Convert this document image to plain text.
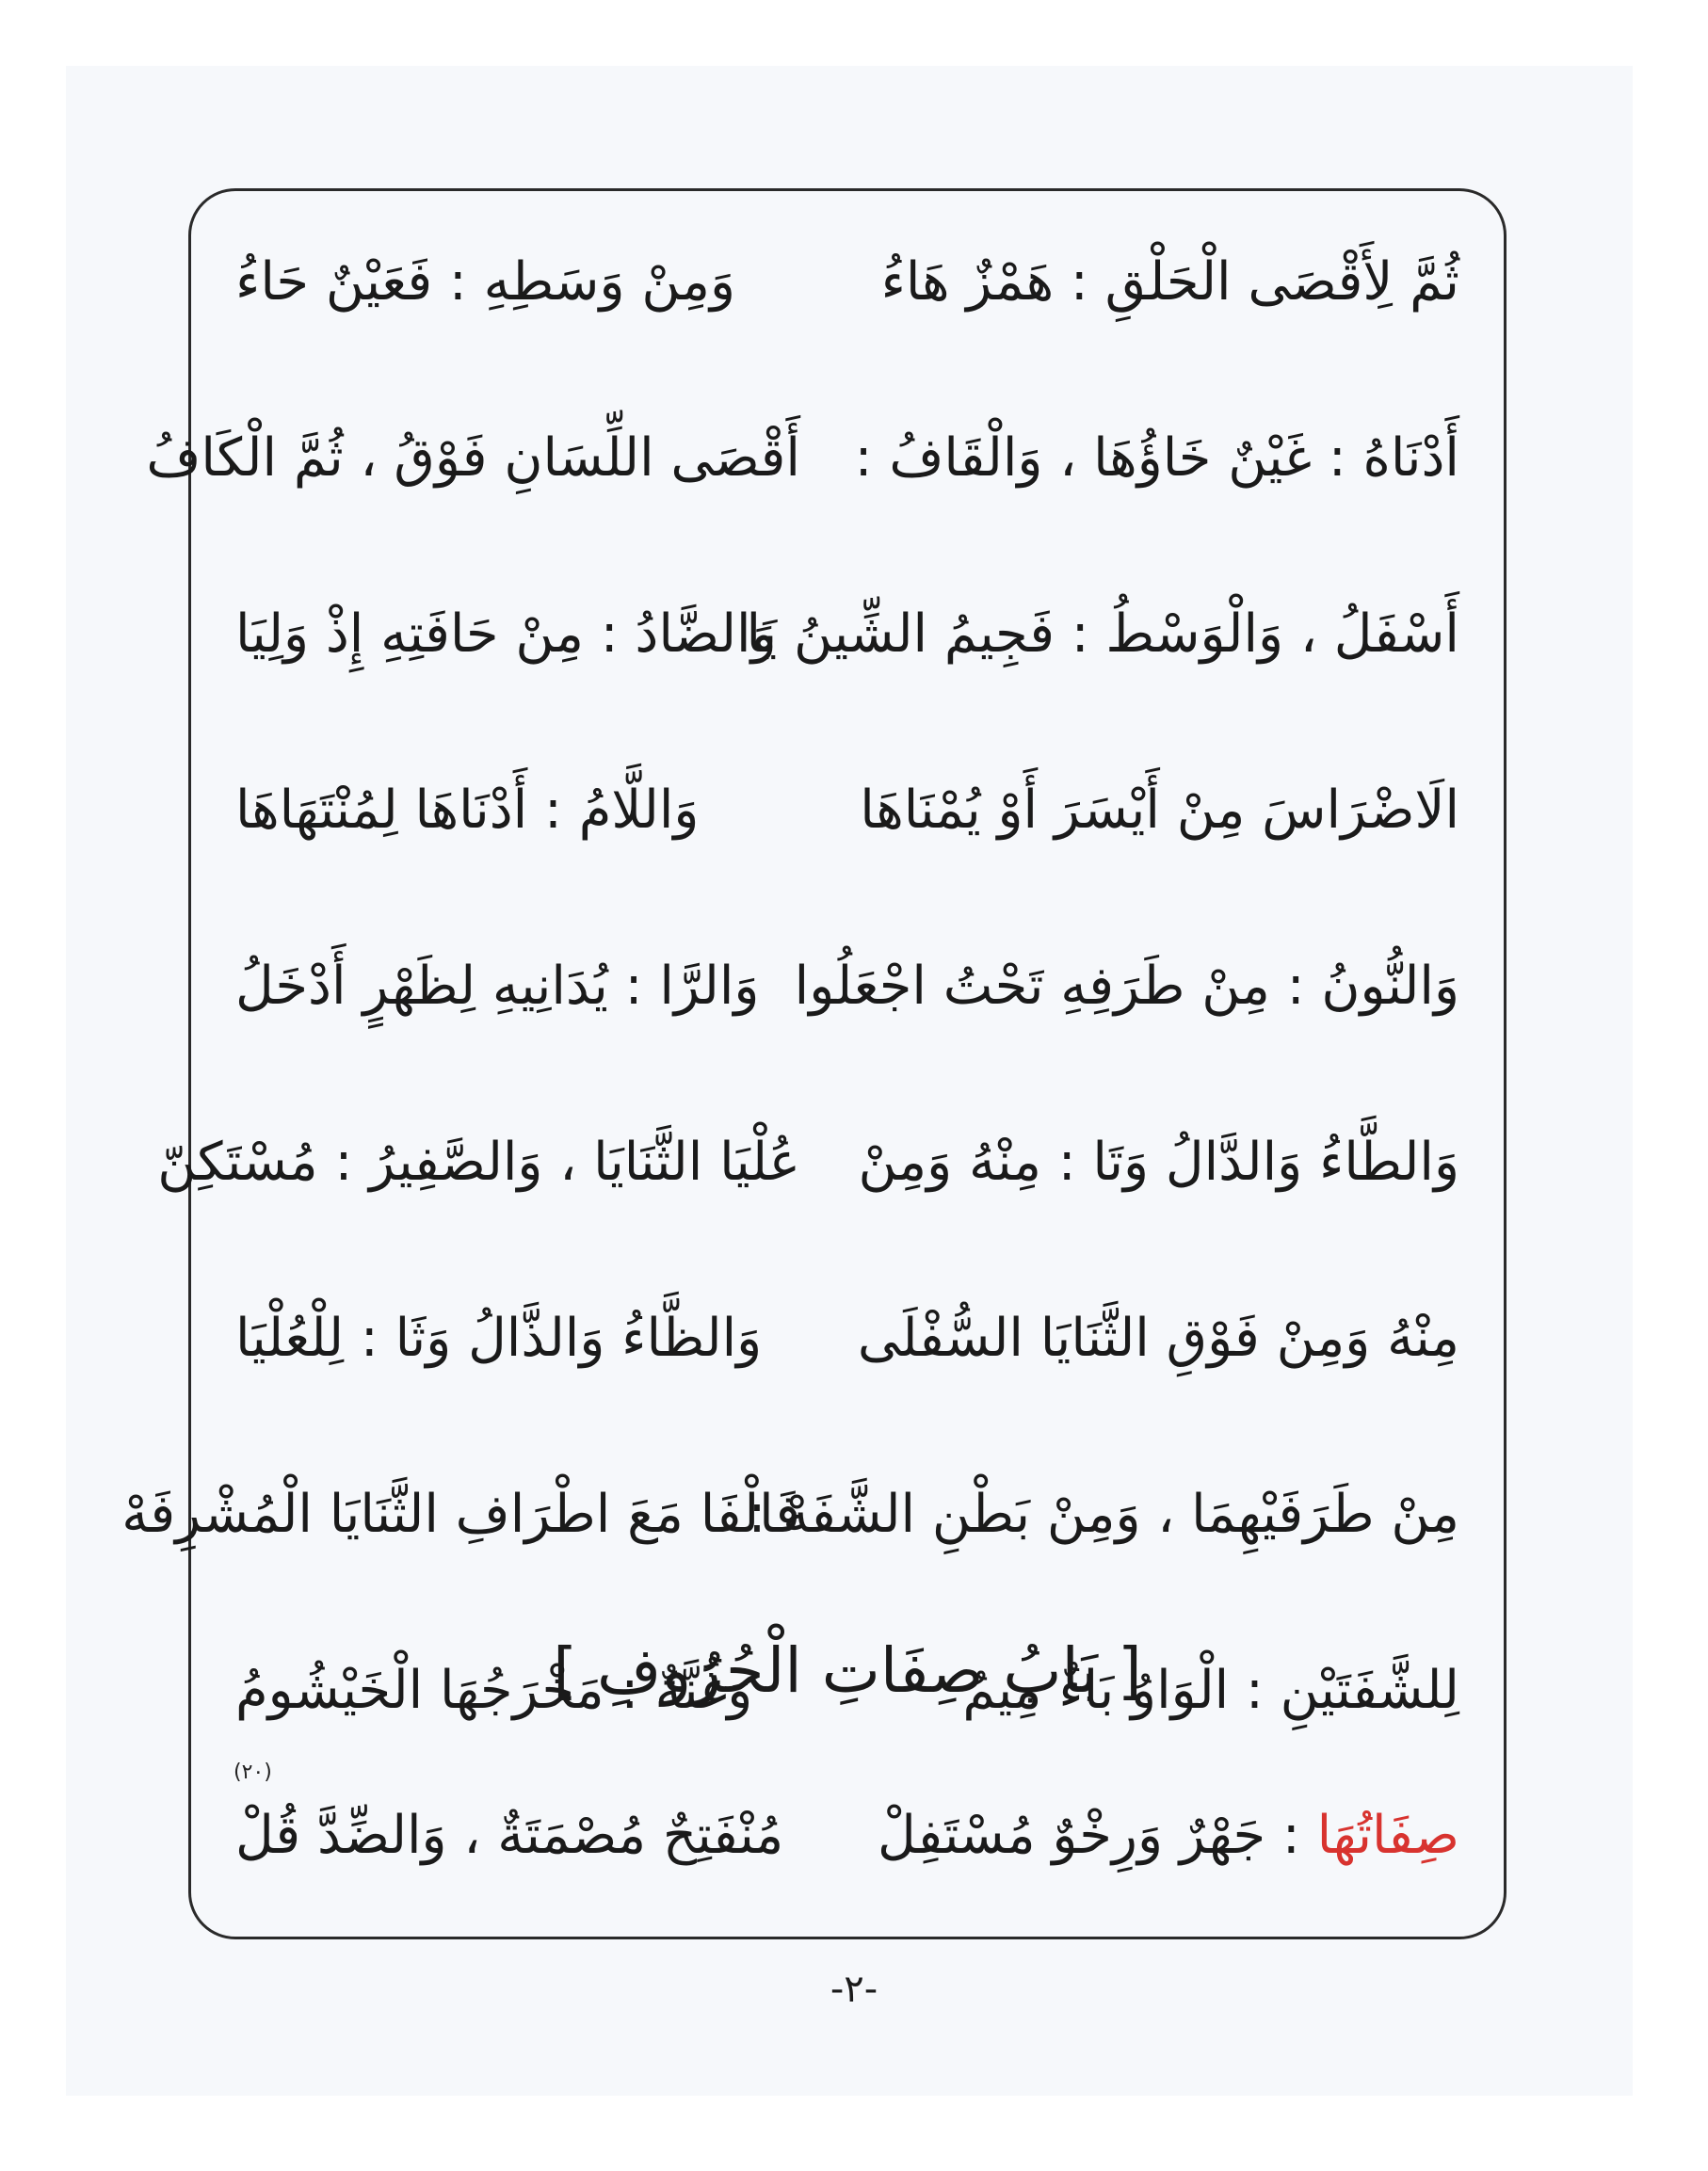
ثُمَّ لِأَقْصَى الْحَلْقِ : هَمْزٌ هَاءُ
وَمِنْ وَسَطِهِ : فَعَيْنٌ حَاءُ
أَدْنَاهُ : غَيْنٌ خَاؤُهَا ، وَالْقَافُ :
أَقْصَى اللِّسَانِ فَوْقُ ، ثُمَّ الْكَافُ
أَسْفَلُ ، وَالْوَسْطُ : فَجِيمُ الشِّينُ يَا
وَالضَّادُ : مِنْ حَافَتِهِ إِذْ وَلِيَا
الَاضْرَاسَ مِنْ أَيْسَرَ أَوْ يُمْنَاهَا
وَاللَّامُ : أَدْنَاهَا لِمُنْتَهَاهَا
وَالنُّونُ : مِنْ طَرَفِهِ تَحْتُ اجْعَلُوا
وَالرَّا : يُدَانِيهِ لِظَهْرٍ أَدْخَلُ
وَالطَّاءُ وَالدَّالُ وَتَا : مِنْهُ وَمِنْ
عُلْيَا الثَّنَايَا ، وَالصَّفِيرُ : مُسْتَكِنّ
مِنْهُ وَمِنْ فَوْقِ الثَّنَايَا السُّفْلَى
وَالظَّاءُ وَالذَّالُ وَثَا : لِلْعُلْيَا
مِنْ طَرَفَيْهِمَا ، وَمِنْ بَطْنِ الشَّفَهْ :
فَالْفَا مَعَ اطْرَافِ الثَّنَايَا الْمُشْرِفَهْ
لِلشَّفَتَيْنِ : الْوَاوُ بَاءٌ مِيمُ
وَغُنَّةٌ : مَخْرَجُهَا الْخَيْشُومُ
[ بَابُ صِفَاتِ الْحُرُوفِ ]
(٢٠)
صِفَاتُهَا : جَهْرٌ وَرِخْوٌ مُسْتَفِلْ
مُنْفَتِحٌ مُصْمَتَةٌ ، وَالضِّدَّ قُلْ
-٢-
